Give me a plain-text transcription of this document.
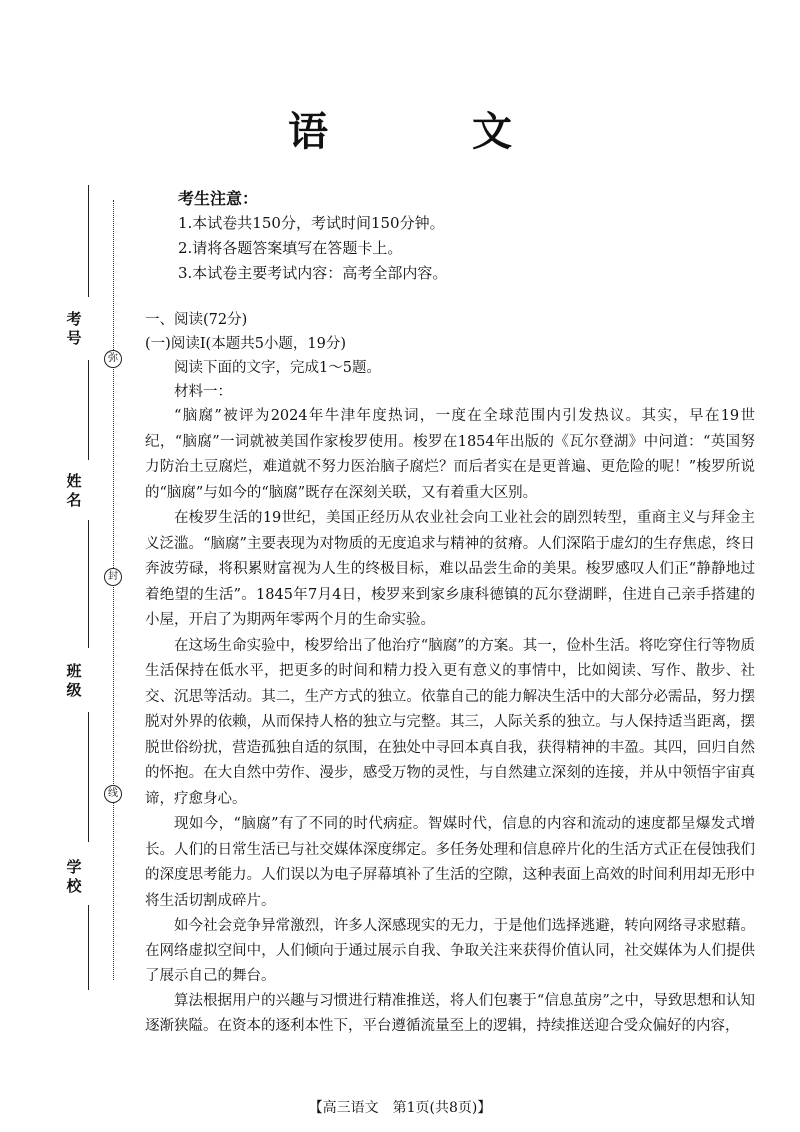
语　文
考生注意：
1.本试卷共150分，考试时间150分钟。
2.请将各题答案填写在答题卡上。
3.本试卷主要考试内容：高考全部内容。
考号
姓名
班级
学校
弥
封
线
一、阅读(72分)
(一)阅读Ⅰ(本题共5小题，19分)
阅读下面的文字，完成1～5题。
材料一：

“脑腐”被评为2024年牛津年度热词，一度在全球范围内引发热议。其实，早在19世纪，“脑腐”一词就被美国作家梭罗使用。梭罗在1854年出版的《瓦尔登湖》中问道：“英国努力防治土豆腐烂，难道就不努力医治脑子腐烂？而后者实在是更普遍、更危险的呢！”梭罗所说的“脑腐”与如今的“脑腐”既存在深刻关联，又有着重大区别。

在梭罗生活的19世纪，美国正经历从农业社会向工业社会的剧烈转型，重商主义与拜金主义泛滥。“脑腐”主要表现为对物质的无度追求与精神的贫瘠。人们深陷于虚幻的生存焦虑，终日奔波劳碌，将积累财富视为人生的终极目标，难以品尝生命的美果。梭罗感叹人们正“静静地过着绝望的生活”。1845年7月4日，梭罗来到家乡康科德镇的瓦尔登湖畔，住进自己亲手搭建的小屋，开启了为期两年零两个月的生命实验。

在这场生命实验中，梭罗给出了他治疗“脑腐”的方案。其一，俭朴生活。将吃穿住行等物质生活保持在低水平，把更多的时间和精力投入更有意义的事情中，比如阅读、写作、散步、社交、沉思等活动。其二，生产方式的独立。依靠自己的能力解决生活中的大部分必需品，努力摆脱对外界的依赖，从而保持人格的独立与完整。其三，人际关系的独立。与人保持适当距离，摆脱世俗纷扰，营造孤独自适的氛围，在独处中寻回本真自我，获得精神的丰盈。其四，回归自然的怀抱。在大自然中劳作、漫步，感受万物的灵性，与自然建立深刻的连接，并从中领悟宇宙真谛，疗愈身心。

现如今，“脑腐”有了不同的时代病症。智媒时代，信息的内容和流动的速度都呈爆发式增长。人们的日常生活已与社交媒体深度绑定。多任务处理和信息碎片化的生活方式正在侵蚀我们的深度思考能力。人们误以为电子屏幕填补了生活的空隙，这种表面上高效的时间利用却无形中将生活切割成碎片。

如今社会竞争异常激烈，许多人深感现实的无力，于是他们选择逃避，转向网络寻求慰藉。在网络虚拟空间中，人们倾向于通过展示自我、争取关注来获得价值认同，社交媒体为人们提供了展示自己的舞台。

算法根据用户的兴趣与习惯进行精准推送，将人们包裹于“信息茧房”之中，导致思想和认知逐渐狭隘。在资本的逐利本性下，平台遵循流量至上的逻辑，持续推送迎合受众偏好的内容，

【高三语文　第1页(共8页)】
